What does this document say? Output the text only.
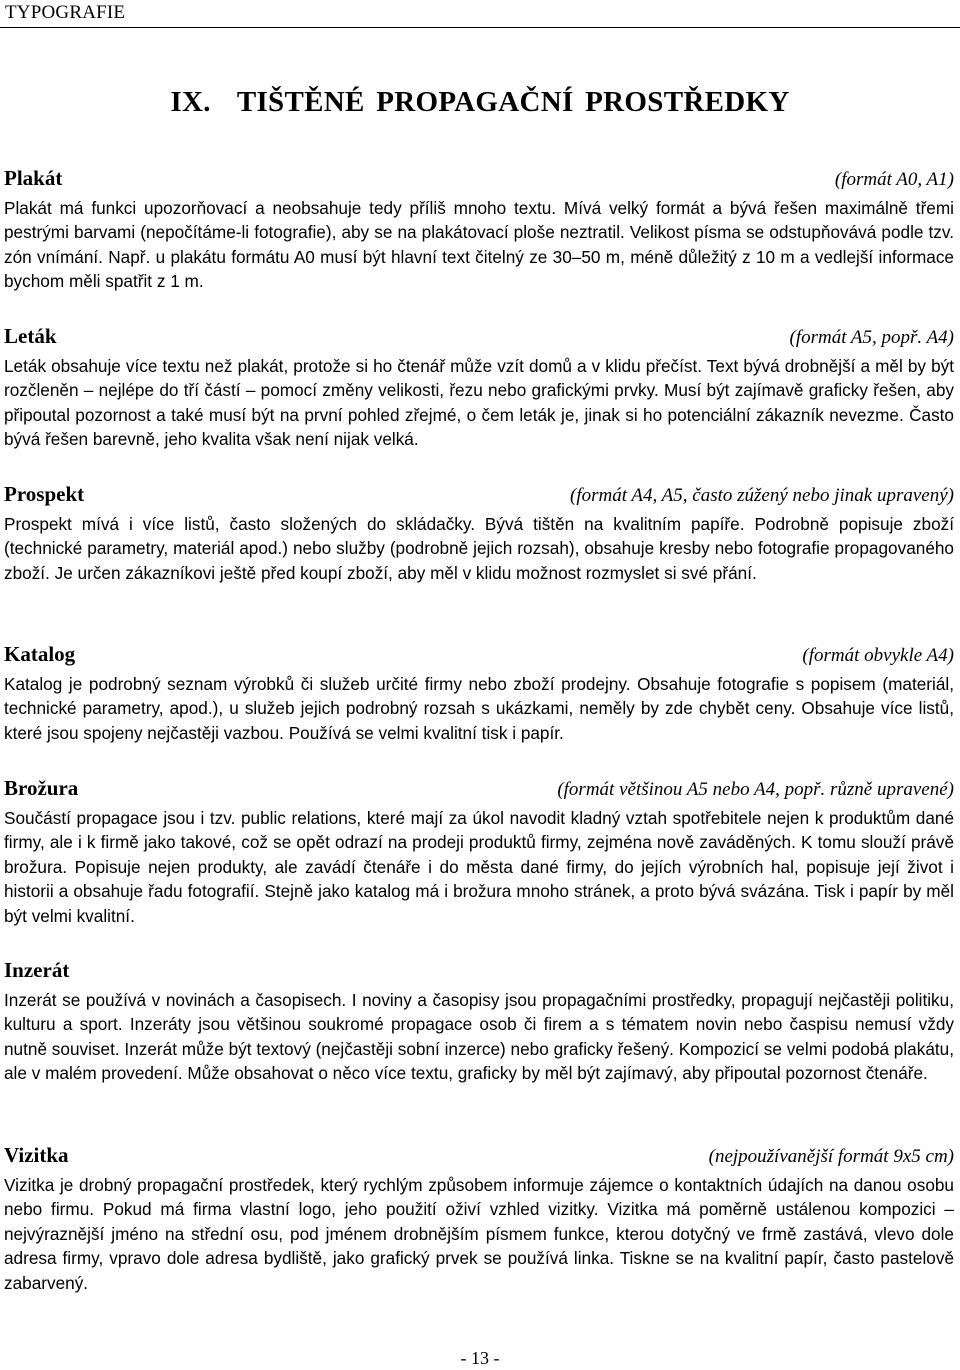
TYPOGRAFIE
IX. TIŠTĚNÉ PROPAGAČNÍ PROSTŘEDKY
Plakát	(formát A0, A1)

Plakát má funkci upozorňovací a neobsahuje tedy příliš mnoho textu. Mívá velký formát a bývá řešen maximálně třemi pestrými barvami (nepočítáme-li fotografie), aby se na plakátovací ploše neztratil. Velikost písma se odstupňovává podle tzv. zón vnímání. Např. u plakátu formátu A0 musí být hlavní text čitelný ze 30–50 m, méně důležitý z 10 m a vedlejší informace bychom měli spatřit z 1 m.

Leták	(formát A5, popř. A4)

Leták obsahuje více textu než plakát, protože si ho čtenář může vzít domů a v klidu přečíst. Text bývá drobnější a měl by být rozčleněn – nejlépe do tří částí – pomocí změny velikosti, řezu nebo grafickými prvky. Musí být zajímavě graficky řešen, aby připoutal pozornost a také musí být na první pohled zřejmé, o čem leták je, jinak si ho potenciální zákazník nevezme. Často bývá řešen barevně, jeho kvalita však není nijak velká.

Prospekt	(formát A4, A5, často zúžený nebo jinak upravený)

Prospekt mívá i více listů, často složených do skládačky. Bývá tištěn na kvalitním papíře. Podrobně popisuje zboží (technické parametry, materiál apod.) nebo služby (podrobně jejich rozsah), obsahuje kresby nebo fotografie propagovaného zboží. Je určen zákazníkovi ještě před koupí zboží, aby měl v klidu možnost rozmyslet si své přání.

Katalog	(formát obvykle A4)

Katalog je podrobný seznam výrobků či služeb určité firmy nebo zboží prodejny. Obsahuje fotografie s popisem (materiál, technické parametry, apod.), u služeb jejich podrobný rozsah s ukázkami, neměly by zde chybět ceny. Obsahuje více listů, které jsou spojeny nejčastěji vazbou. Používá se velmi kvalitní tisk i papír.

Brožura	(formát většinou A5 nebo A4, popř. různě upravené)

Součástí propagace jsou i tzv. public relations, které mají za úkol navodit kladný vztah spotřebitele nejen k produktům dané firmy, ale i k firmě jako takové, což se opět odrazí na prodeji produktů firmy, zejména nově zaváděných. K tomu slouží právě brožura. Popisuje nejen produkty, ale zavádí čtenáře i do města dané firmy, do jejích výrobních hal, popisuje její život i historii a obsahuje řadu fotografií. Stejně jako katalog má i brožura mnoho stránek, a proto bývá svázána. Tisk i papír by měl být velmi kvalitní.

Inzerát

Inzerát se používá v novinách a časopisech. I noviny a časopisy jsou propagačními prostředky, propagují nejčastěji politiku, kulturu a sport. Inzeráty jsou většinou soukromé propagace osob či firem a s tématem novin nebo časpisu nemusí vždy nutně souviset. Inzerát může být textový (nejčastěji sobní inzerce) nebo graficky řešený. Kompozicí se velmi podobá plakátu, ale v malém provedení. Může obsahovat o něco více textu, graficky by měl být zajímavý, aby připoutal pozornost čtenáře.

Vizitka	(nejpoužívanější formát 9x5 cm)

Vizitka je drobný propagační prostředek, který rychlým způsobem informuje zájemce o kontaktních údajích na danou osobu nebo firmu. Pokud má firma vlastní logo, jeho použití oživí vzhled vizitky. Vizitka má poměrně ustálenou kompozici – nejvýraznější jméno na střední osu, pod jménem drobnějším písmem funkce, kterou dotyčný ve frmě zastává, vlevo dole adresa firmy, vpravo dole adresa bydliště, jako grafický prvek se používá linka. Tiskne se na kvalitní papír, často pastelově zabarvený.

- 13 -
